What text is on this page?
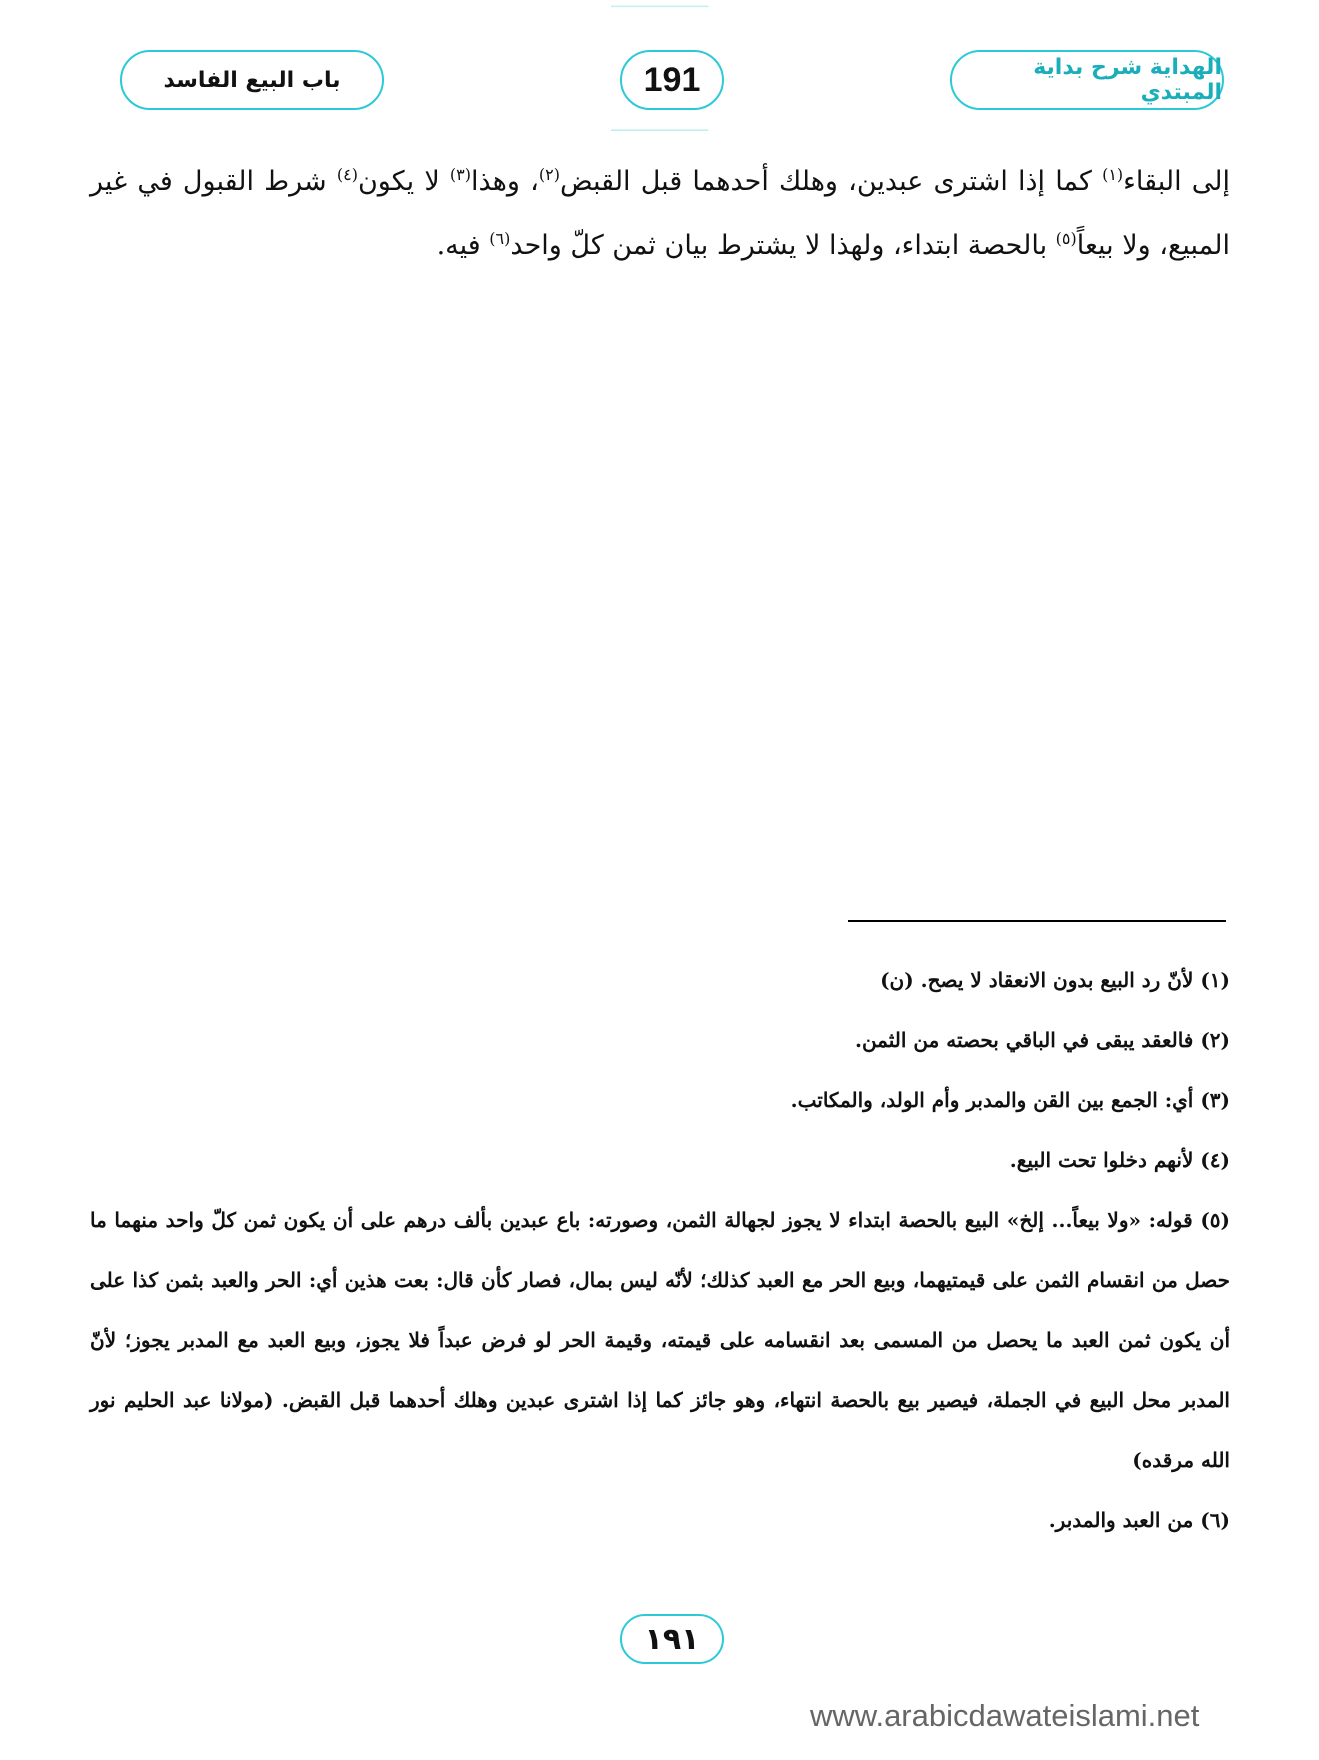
باب البيع الفاسد	191	الهداية شرح بداية المبتدي
إلى البقاء$^{(١)}$ كما إذا اشترى عبدين، وهلك أحدهما قبل القبض$^{(٢)}$، وهذا$^{(٣)}$ لا يكون$^{(٤)}$ شرط القبول في غير المبيع، ولا بيعاً$^{(٥)}$ بالحصة ابتداء، ولهذا لا يشترط بيان ثمن كلّ واحد$^{(٦)}$ فيه.

(١) لأنّ رد البيع بدون الانعقاد لا يصح. (ن)

(٢) فالعقد يبقى في الباقي بحصته من الثمن.

(٣) أي: الجمع بين القن والمدبر وأم الولد، والمكاتب.

(٤) لأنهم دخلوا تحت البيع.

(٥) قوله: «ولا بيعاً... إلخ» البيع بالحصة ابتداء لا يجوز لجهالة الثمن، وصورته: باع عبدين بألف درهم على أن يكون ثمن كلّ واحد منهما ما حصل من انقسام الثمن على قيمتيهما، وبيع الحر مع العبد كذلك؛ لأنّه ليس بمال، فصار كأن قال: بعت هذين أي: الحر والعبد بثمن كذا على أن يكون ثمن العبد ما يحصل من المسمى بعد انقسامه على قيمته، وقيمة الحر لو فرض عبداً فلا يجوز، وبيع العبد مع المدبر يجوز؛ لأنّ المدبر محل البيع في الجملة، فيصير بيع بالحصة انتهاء، وهو جائز كما إذا اشترى عبدين وهلك أحدهما قبل القبض. (مولانا عبد الحليم نور الله مرقده)

(٦) من العبد والمدبر.

١٩١
www.arabicdawateislami.net
